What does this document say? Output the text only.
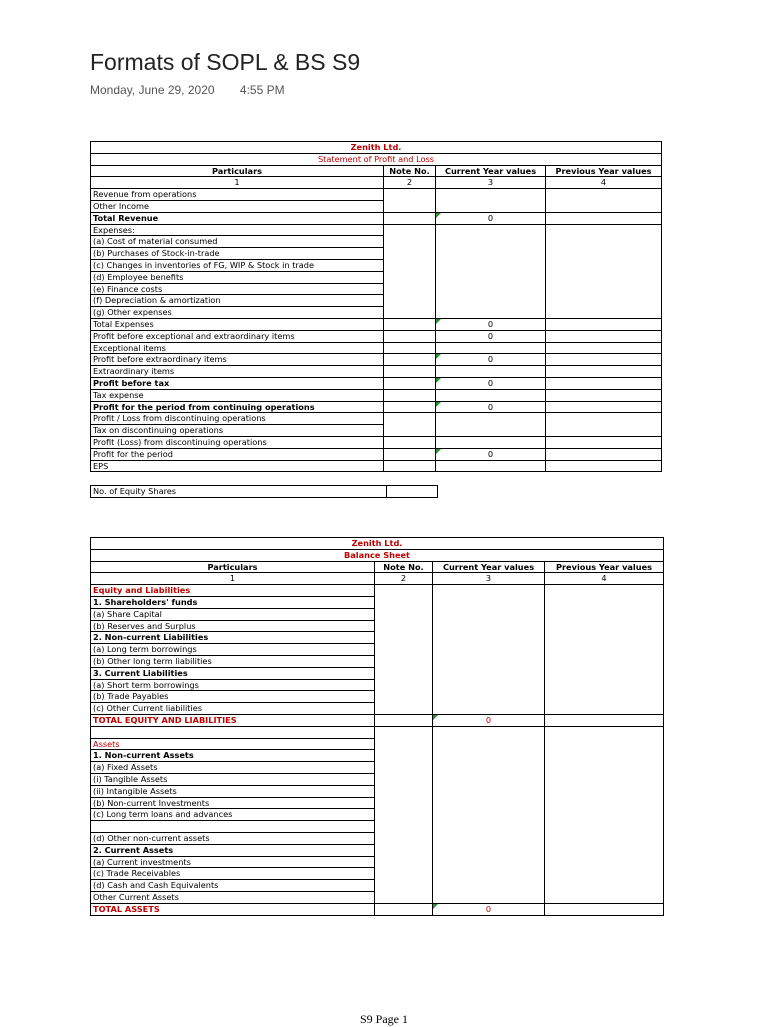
Formats of SOPL & BS S9
Monday, June 29, 2020 4:55 PM
Zenith Ltd.			
Statement of Profit and Loss			
Particulars	Note No.	Current Year values	Previous Year values
1	2	3	4
Revenue from operations			
Other Income			
Total Revenue		0	
Expenses:			
(a) Cost of material consumed			
(b) Purchases of Stock-in-trade			
(c) Changes in inventories of FG, WIP & Stock in trade			
(d) Employee benefits			
(e) Finance costs			
(f) Depreciation & amortization			
(g) Other expenses			
Total Expenses		0	
Profit before exceptional and extraordinary items		0	
Exceptional items			
Profit before extraordinary items		0	
Extraordinary items			
Profit before tax		0	
Tax expense			
Profit for the period from continuing operations		0	
Profit / Loss from discontinuing operations			
Tax on discontinuing operations			
Profit (Loss) from discontinuing operations			
Profit for the period		0	
EPS			
No. of Equity Shares	
Zenith Ltd.			
Balance Sheet			
Particulars	Note No.	Current Year values	Previous Year values
1	2	3	4
Equity and Liabilities			
1. Shareholders' funds			
(a) Share Capital			
(b) Reserves and Surplus			
2. Non-current Liabilities			
(a) Long term borrowings			
(b) Other long term liabilities			
3. Current Liabilities			
(a) Short term borrowings			
(b) Trade Payables			
(c) Other Current liabilities			
TOTAL EQUITY AND LIABILITIES		0	

Assets			
1. Non-current Assets			
(a) Fixed Assets			
(i) Tangible Assets			
(ii) Intangible Assets			
(b) Non-current Investments			
(c) Long term loans and advances			

(d) Other non-current assets			
2. Current Assets			
(a) Current investments			
(c) Trade Receivables			
(d) Cash and Cash Equivalents			
Other Current Assets			
TOTAL ASSETS		0	
S9 Page 1
